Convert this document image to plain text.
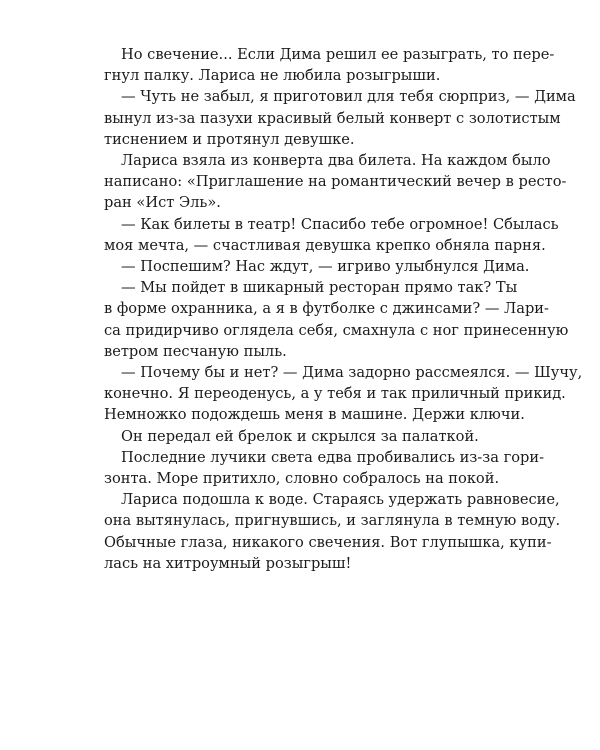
Но свечение... Если Дима решил ее разыграть, то пере-
гнул палку. Лариса не любила розыгрыши.
— Чуть не забыл, я приготовил для тебя сюрприз, — Дима
вынул из-за пазухи красивый белый конверт с золотистым
тиснением и протянул девушке.
Лариса взяла из конверта два билета. На каждом было
написано: «Приглашение на романтический вечер в ресто-
ран «Ист Эль».
— Как билеты в театр! Спасибо тебе огромное! Сбылась
моя мечта, — счастливая девушка крепко обняла парня.
— Поспешим? Нас ждут, — игриво улыбнулся Дима.
— Мы пойдет в шикарный ресторан прямо так? Ты
в форме охранника, а я в футболке с джинсами? — Лари-
са придирчиво оглядела себя, смахнула с ног принесенную
ветром песчаную пыль.
— Почему бы и нет? — Дима задорно рассмеялся. — Шучу,
конечно. Я переоденусь, а у тебя и так приличный прикид.
Немножко подождешь меня в машине. Держи ключи.
Он передал ей брелок и скрылся за палаткой.
Последние лучики света едва пробивались из-за гори-
зонта. Море притихло, словно собралось на покой.
Лариса подошла к воде. Стараясь удержать равновесие,
она вытянулась, пригнувшись, и заглянула в темную воду.
Обычные глаза, никакого свечения. Вот глупышка, купи-
лась на хитроумный розыгрыш!
